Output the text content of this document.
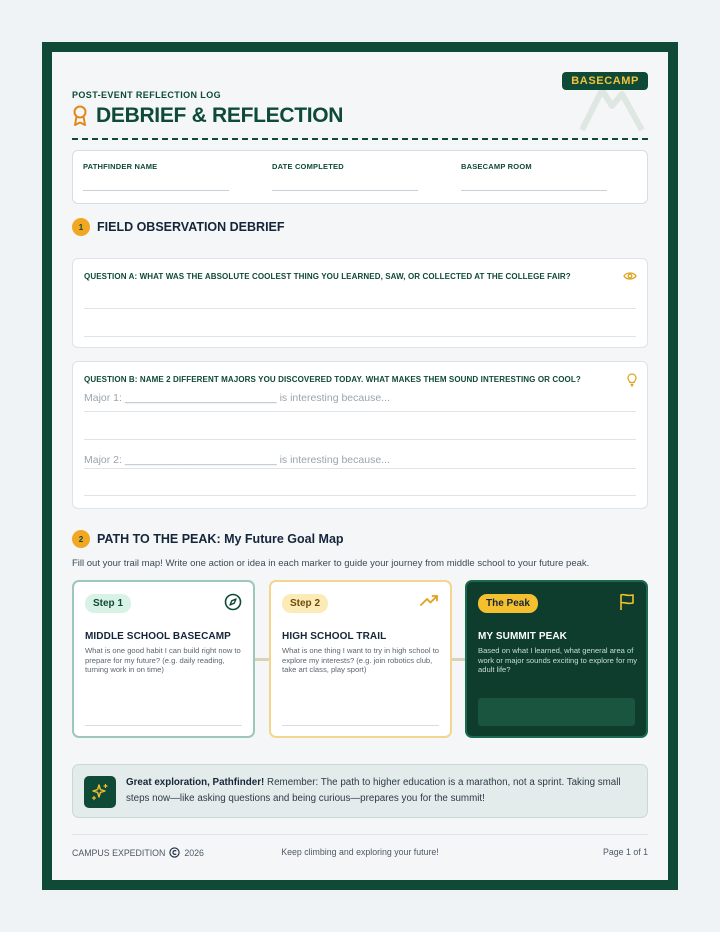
BASECAMP
POST-EVENT REFLECTION LOG
DEBRIEF & REFLECTION
PATHFINDER NAME	DATE COMPLETED	BASECAMP ROOM
1	FIELD OBSERVATION DEBRIEF
QUESTION A: WHAT WAS THE ABSOLUTE COOLEST THING YOU LEARNED, SAW, OR COLLECTED AT THE COLLEGE FAIR?
QUESTION B: NAME 2 DIFFERENT MAJORS YOU DISCOVERED TODAY. WHAT MAKES THEM SOUND INTERESTING OR COOL?
Major 1: __________________________ is interesting because...
Major 2: __________________________ is interesting because...
2	PATH TO THE PEAK: My Future Goal Map
Fill out your trail map! Write one action or idea in each marker to guide your journey from middle school to your future peak.
Step 1
MIDDLE SCHOOL BASECAMP
What is one good habit I can build right now to prepare for my future? (e.g. daily reading, turning work in on time)
Step 2
HIGH SCHOOL TRAIL
What is one thing I want to try in high school to explore my interests? (e.g. join robotics club, take art class, play sport)
The Peak
MY SUMMIT PEAK
Based on what I learned, what general area of work or major sounds exciting to explore for my adult life?
Great exploration, Pathfinder! Remember: The path to higher education is a marathon, not a sprint. Taking small steps now—like asking questions and being curious—prepares you for the summit!
CAMPUS EXPEDITION 2026	Keep climbing and exploring your future!	Page 1 of 1
